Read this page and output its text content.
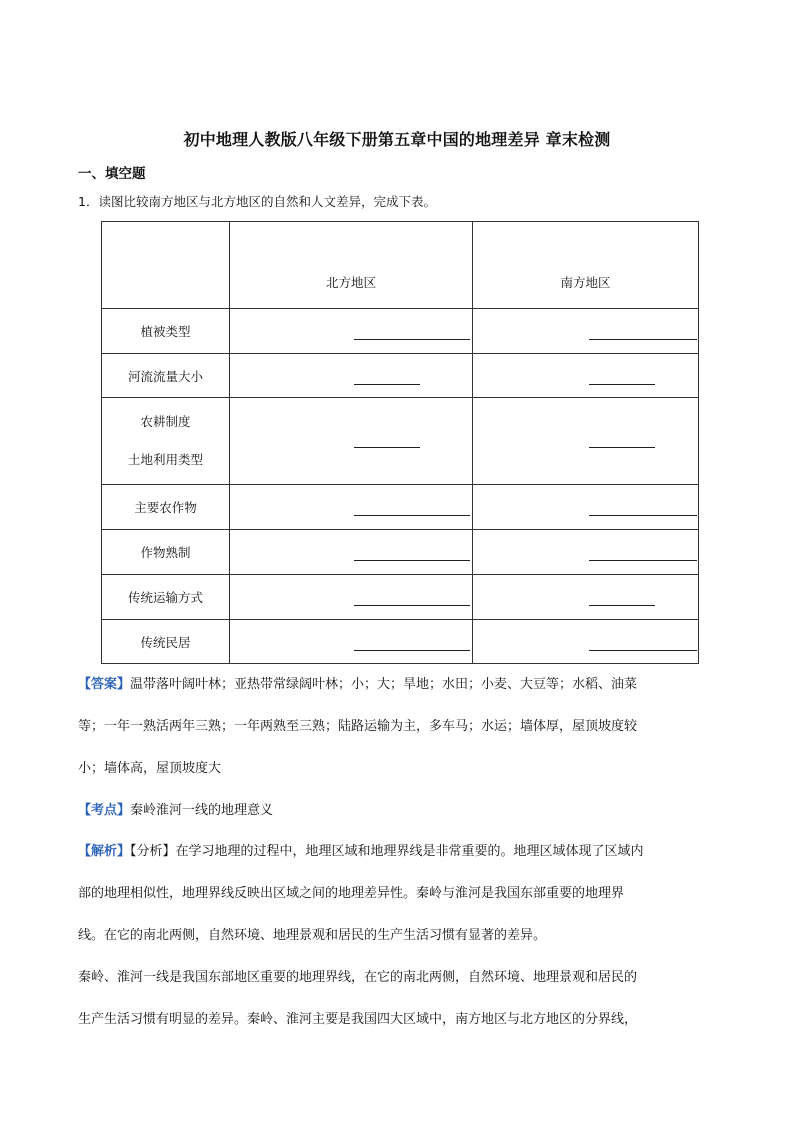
初中地理人教版八年级下册第五章中国的地理差异 章末检测
一、填空题
1．读图比较南方地区与北方地区的自然和人文差异，完成下表。
	北方地区	南方地区
植被类型	

河流流量大小	

农耕制度
土地利用类型		

主要农作物	

作物熟制	

传统运输方式	

传统民居	

【答案】温带落叶阔叶林；亚热带常绿阔叶林；小；大；旱地；水田；小麦、大豆等；水稻、油菜
等；一年一熟活两年三熟；一年两熟至三熟；陆路运输为主，多车马；水运；墙体厚，屋顶坡度较
小；墙体高，屋顶坡度大
【考点】秦岭淮河一线的地理意义
【解析】【分析】在学习地理的过程中，地理区域和地理界线是非常重要的。地理区域体现了区域内
部的地理相似性，地理界线反映出区域之间的地理差异性。秦岭与淮河是我国东部重要的地理界
线。在它的南北两侧，自然环境、地理景观和居民的生产生活习惯有显著的差异。
秦岭、淮河一线是我国东部地区重要的地理界线，在它的南北两侧，自然环境、地理景观和居民的
生产生活习惯有明显的差异。秦岭、淮河主要是我国四大区域中，南方地区与北方地区的分界线，
